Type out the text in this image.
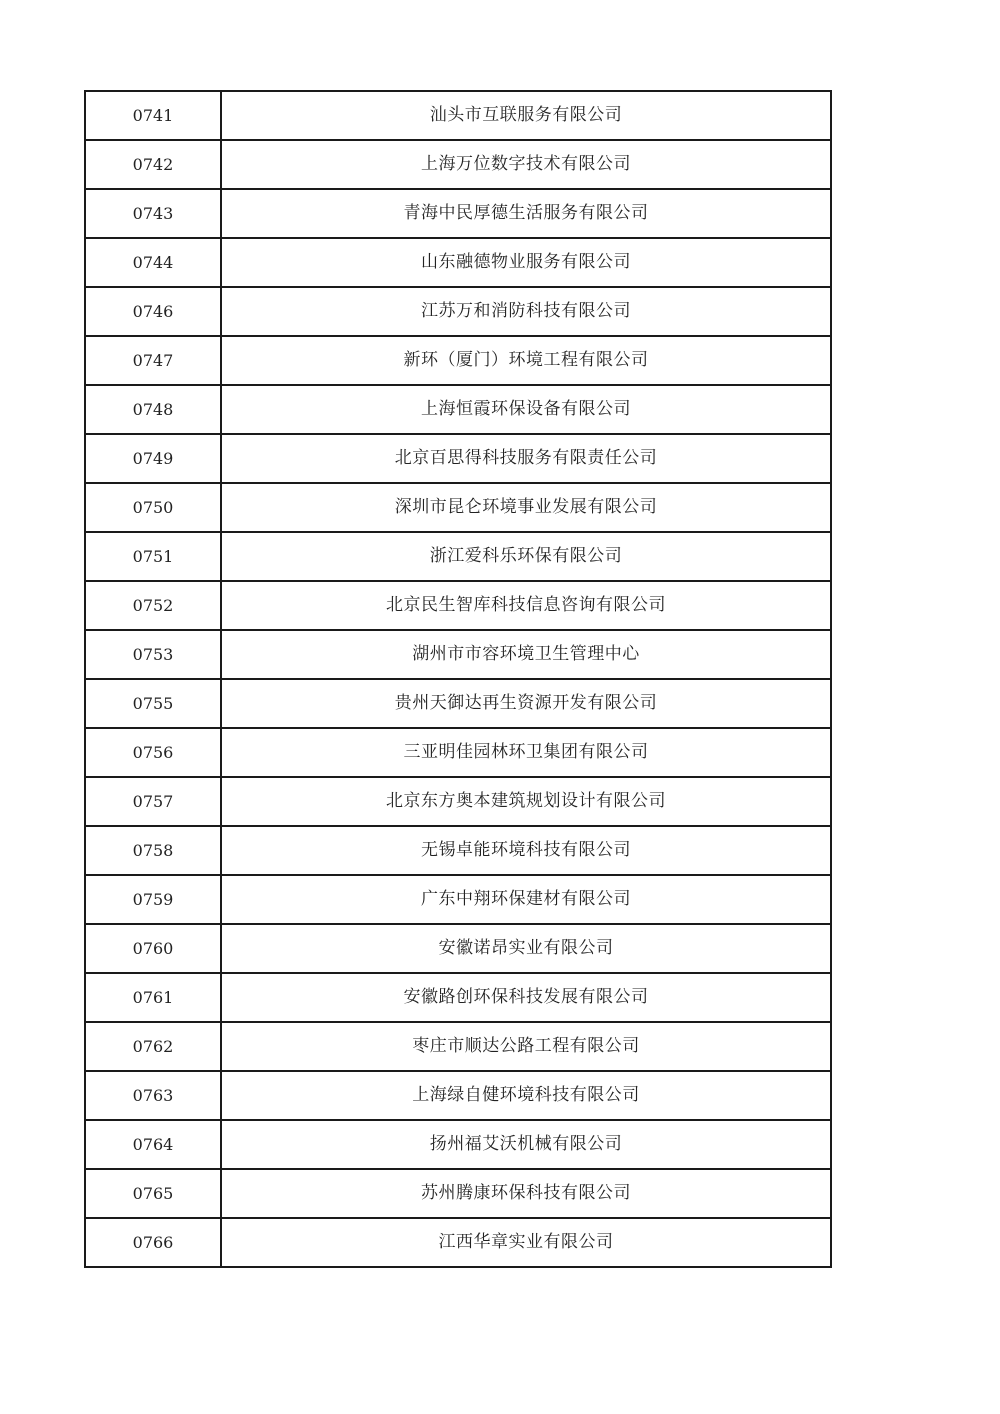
0741	汕头市互联服务有限公司
0742	上海万位数字技术有限公司
0743	青海中民厚德生活服务有限公司
0744	山东融德物业服务有限公司
0746	江苏万和消防科技有限公司
0747	新环（厦门）环境工程有限公司
0748	上海恒霞环保设备有限公司
0749	北京百思得科技服务有限责任公司
0750	深圳市昆仑环境事业发展有限公司
0751	浙江爱科乐环保有限公司
0752	北京民生智库科技信息咨询有限公司
0753	湖州市市容环境卫生管理中心
0755	贵州天御达再生资源开发有限公司
0756	三亚明佳园林环卫集团有限公司
0757	北京东方奥本建筑规划设计有限公司
0758	无锡卓能环境科技有限公司
0759	广东中翔环保建材有限公司
0760	安徽诺昂实业有限公司
0761	安徽路创环保科技发展有限公司
0762	枣庄市顺达公路工程有限公司
0763	上海绿自健环境科技有限公司
0764	扬州福艾沃机械有限公司
0765	苏州腾康环保科技有限公司
0766	江西华章实业有限公司
